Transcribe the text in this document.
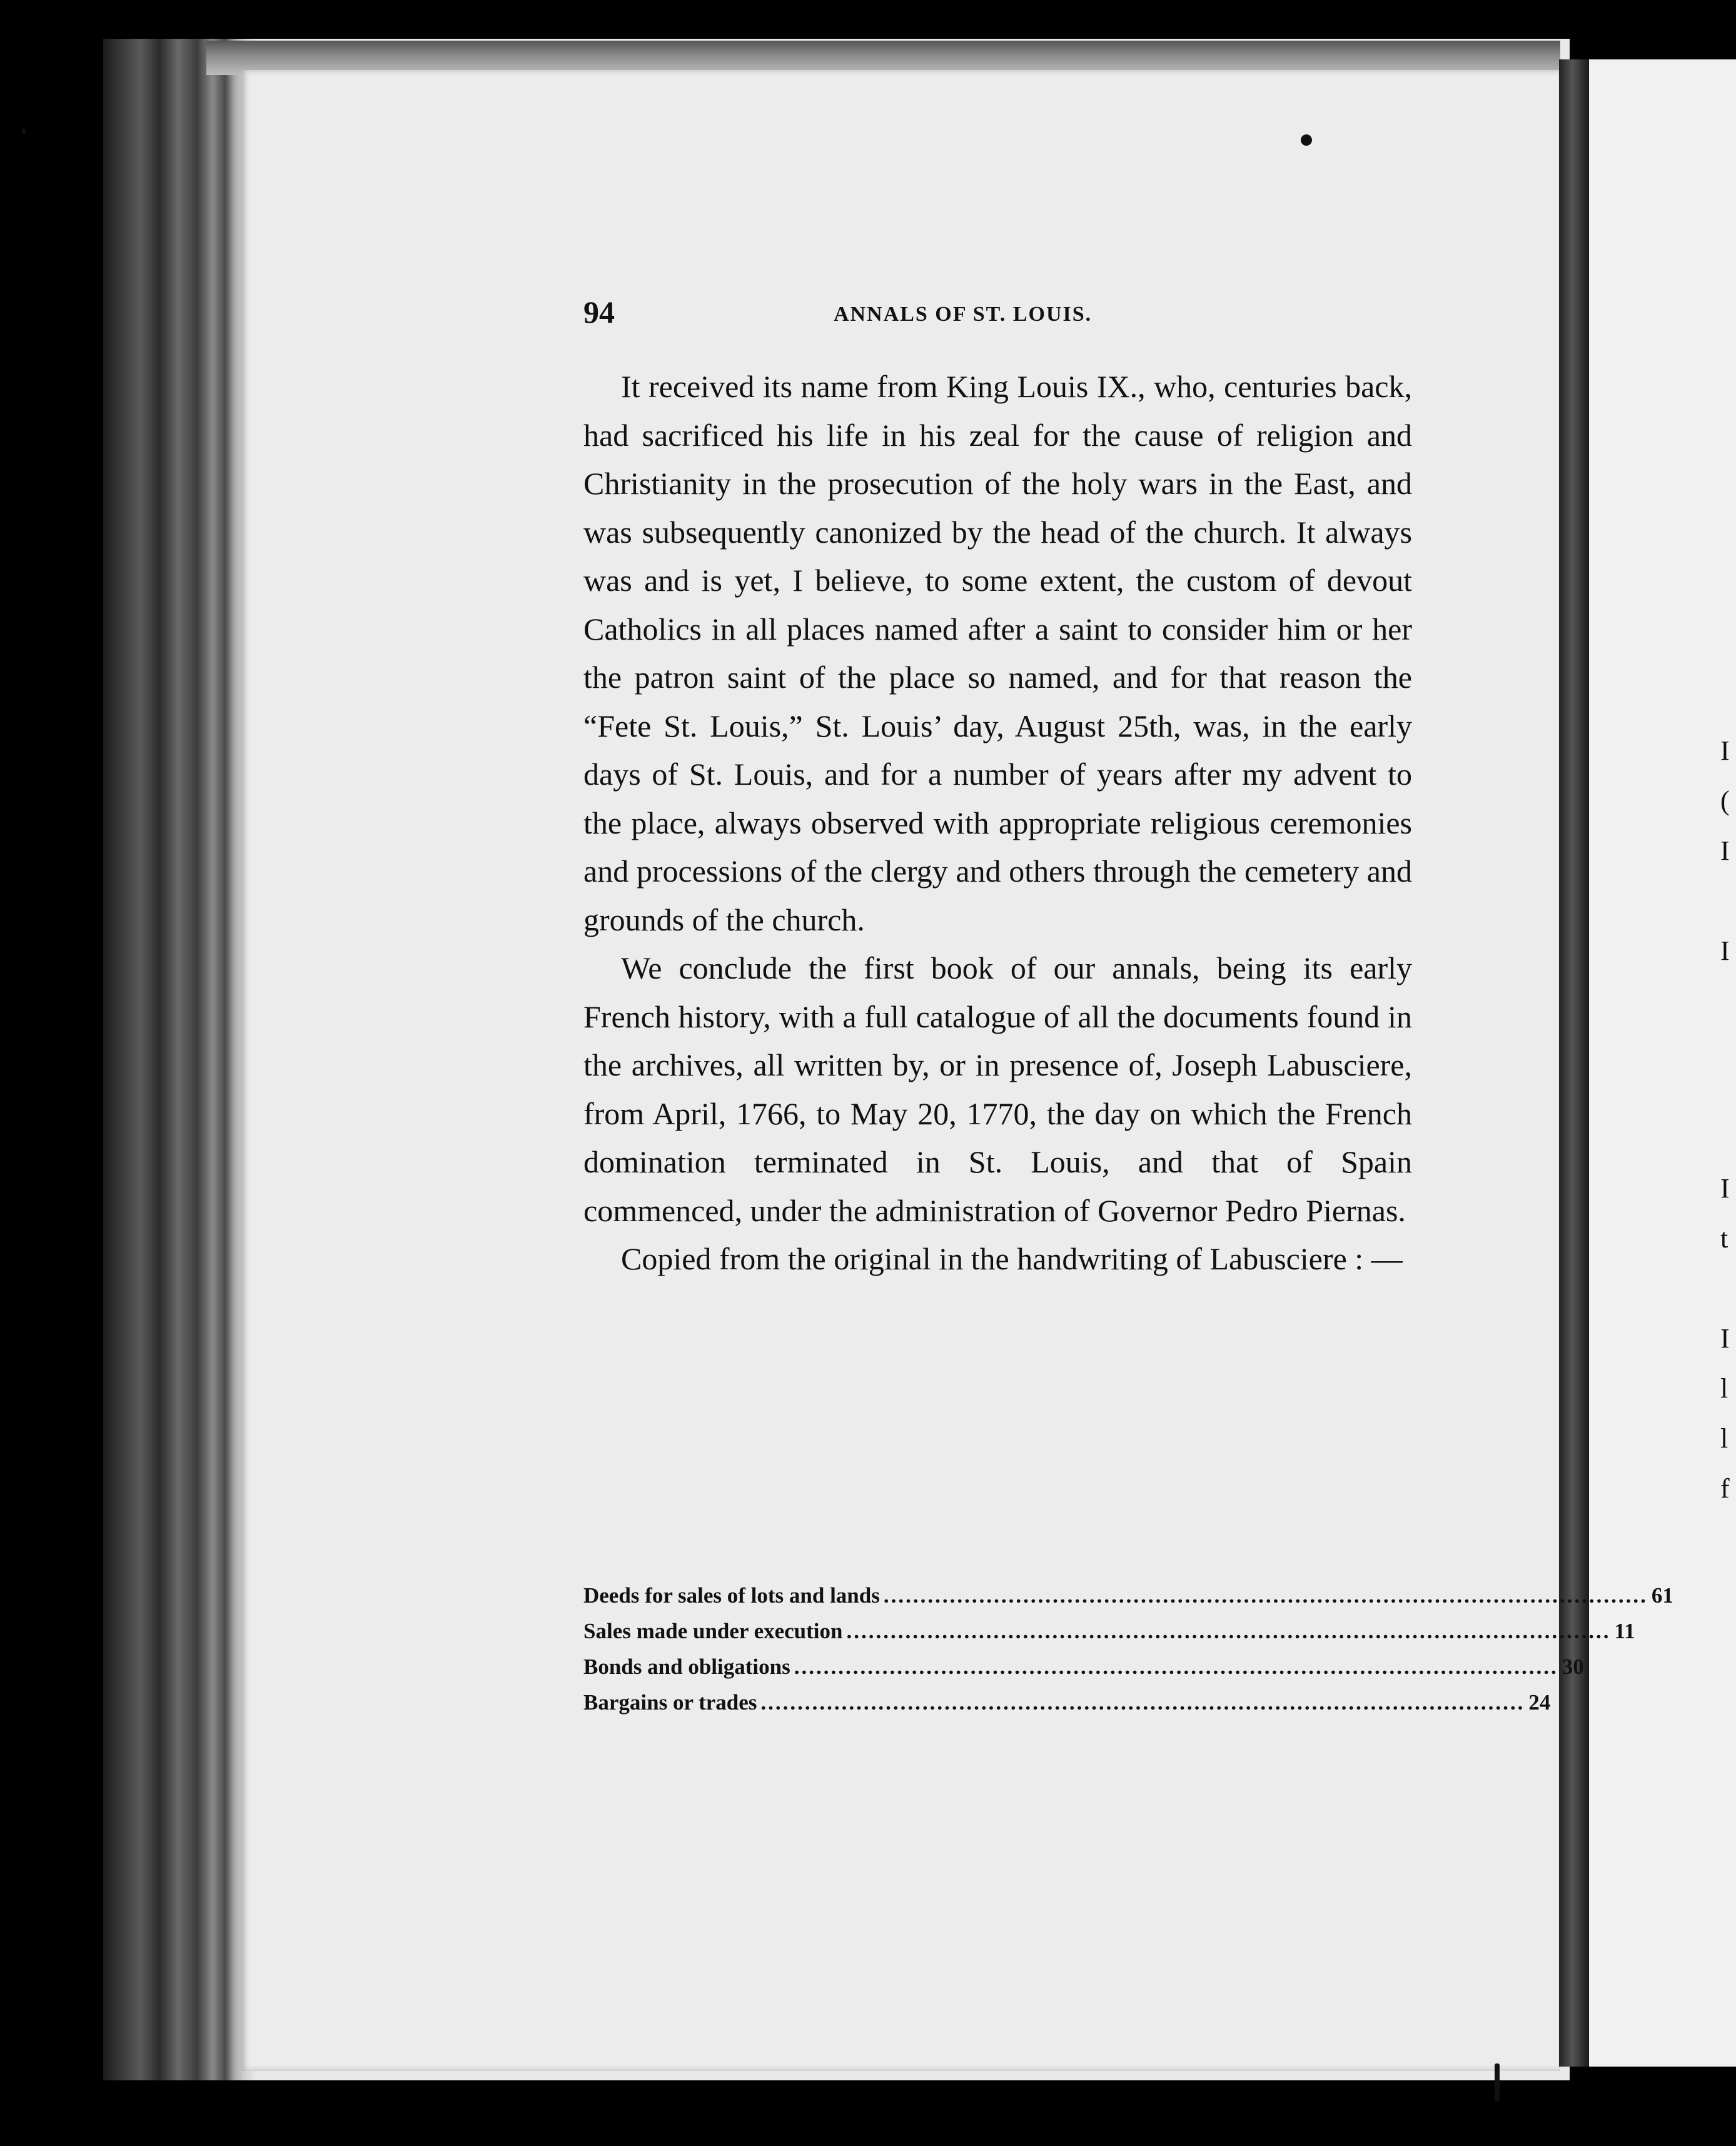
I
(
I
I
I
t
I
l
l
f
94	ANNALS OF ST. LOUIS.

It received its name from King Louis IX., who, centuries back, had sacrificed his life in his zeal for the cause of religion and Christianity in the prosecution of the holy wars in the East, and was subsequently canonized by the head of the church. It always was and is yet, I believe, to some extent, the custom of devout Catholics in all places named after a saint to consider him or her the patron saint of the place so named, and for that reason the “Fete St. Louis,” St. Louis’ day, August 25th, was, in the early days of St. Louis, and for a number of years after my advent to the place, always observed with appropriate religious ceremonies and processions of the clergy and others through the cemetery and grounds of the church.

We conclude the first book of our annals, being its early French history, with a full catalogue of all the documents found in the archives, all written by, or in presence of, Joseph Labusciere, from April, 1766, to May 20, 1770, the day on which the French domination terminated in St. Louis, and that of Spain commenced, under the administration of Governor Pedro Piernas.

Copied from the original in the handwriting of Labusciere : —

Deeds for sales of lots and lands ........................................................................................................ 61
Sales made under execution ........................................................................................................ 11
Bonds and obligations ........................................................................................................ 30
Bargains or trades ........................................................................................................ 24
